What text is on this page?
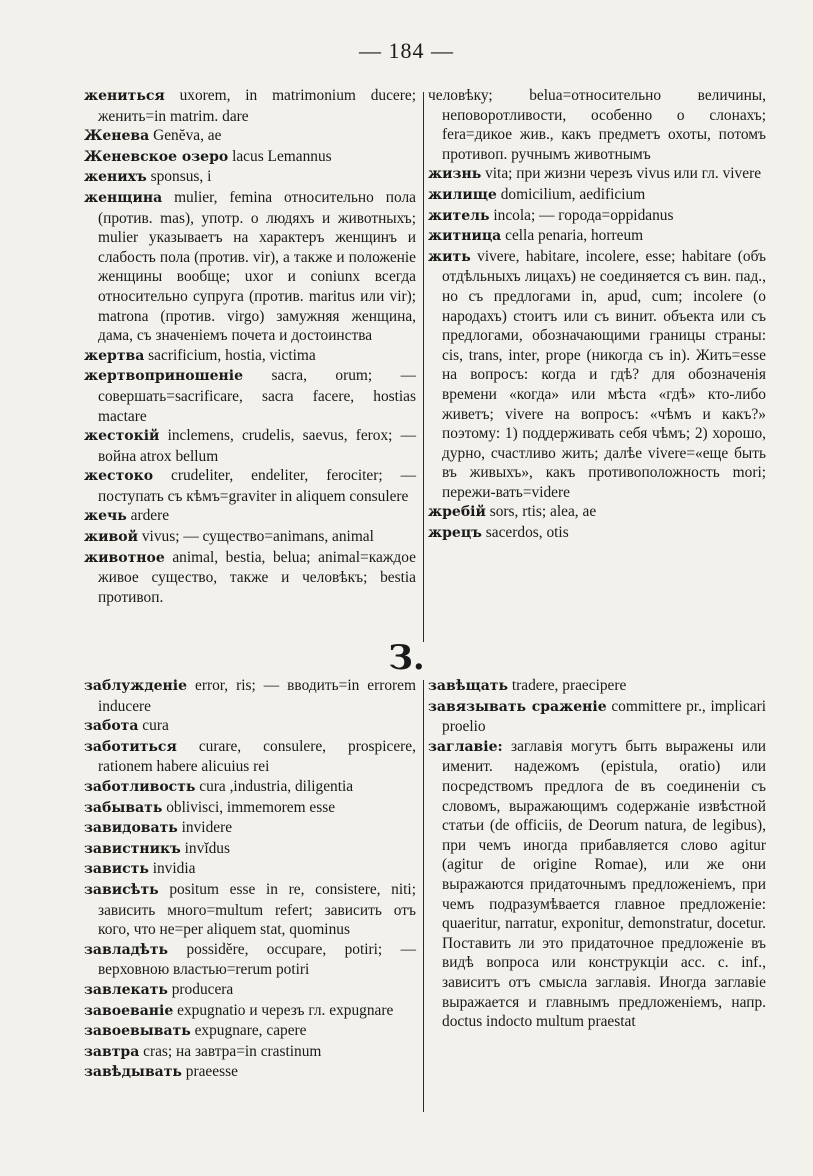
— 184 —

жениться uxorem, in matrimonium ducere; женить=in matrim. dare

Женева Genĕva, ae

Женевское озеро lacus Lemannus

женихъ sponsus, i

женщина mulier, femina относительно пола (против. mas), употр. о людяхъ и животныхъ; mulier указываетъ на характеръ женщинъ и слабость пола (против. vir), а также и положеніе женщины вообще; uxor и coniunx всегда относительно супруга (против. maritus или vir); matrona (против. virgo) замужняя женщина, дама, съ значеніемъ почета и достоинства

жертва sacrificium, hostia, victima

жертвоприношеніе sacra, orum; — совершать=sacrificare, sacra facere, hostias mactare

жестокій inclemens, crudelis, saevus, ferox; — война atrox bellum

жестоко crudeliter, endeliter, ferociter; — поступать съ кѣмъ=graviter in aliquem consulere

жечь ardere

живой vivus; — существо=animans, animal

животное animal, bestia, belua; animal=каждое живое существо, также и человѣкъ; bestia противоп.

человѣку; belua=относительно величины, неповоротливости, особенно о слонахъ; fera=дикое жив., какъ предметъ охоты, потомъ противоп. ручнымъ животнымъ

жизнь vita; при жизни черезъ vivus или гл. vivere

жилище domicilium, aedificium

житель incola; — города=oppidanus

житница cella penaria, horreum

жить vivere, habitare, incolere, esse; habitare (объ отдѣльныхъ лицахъ) не соединяется съ вин. пад., но съ предлогами in, apud, cum; incolere (о народахъ) стоитъ или съ винит. объекта или съ предлогами, обозначающими границы страны: cis, trans, inter, prope (никогда съ in). Жить=esse на вопросъ: когда и гдѣ? для обозначенія времени «когда» или мѣста «гдѣ» кто-либо живетъ; vivere на вопросъ: «чѣмъ и какъ?» поэтому: 1) поддерживать себя чѣмъ; 2) хорошо, дурно, счастливо жить; далѣе vivere=«еще быть въ живыхъ», какъ противоположность mori; пережи-вать=vidеrе

жребій sors, rtis; alea, ae

жрецъ sacerdos, otis

З.

заблужденіе error, ris; — вводить=in errorem inducere

забота cura

заботиться curare, consulere, prospicere, rationem habere alicuius rei

заботливость cura ,industria, diligentia

забывать oblivisci, immemorem esse

завидовать invidere

завистникъ invĭdus

зависть invidia

зависѣть positum esse in re, consistere, niti; зависить много=multum refert; зависить отъ кого, что не=per aliquem stat, quominus

завладѣть possidĕre, occupare, potiri; — верховною властью=rerum potiri

завлекать producera

завоеваніе expugnatio и черезъ гл. expugnare

завоевывать expugnare, capere

завтра cras; на завтра=in crastinum

завѣдывать praeesse

завѣщать tradere, praecipere

завязывать сраженіе committere pr., implicari proelio

заглавіе: заглавія могутъ быть выражены или именит. надежомъ (epistula, oratio) или посредствомъ предлога de въ соединеніи съ словомъ, выражающимъ содержаніе извѣстной статьи (de officiis, de Deorum natura, de legibus), при чемъ иногда прибавляется слово agitur (agitur de origine Romae), или же они выражаются придаточнымъ предложеніемъ, при чемъ подразумѣвается главное предложеніе: quaeritur, narratur, exponitur, demonstratur, docetur. Поставить ли это придаточное предложеніе въ видѣ вопроса или конструкціи acc. c. inf., зависитъ отъ смысла заглавія. Иногда заглавіе выражается и главнымъ предложеніемъ, напр. doctus indocto multum praestat
